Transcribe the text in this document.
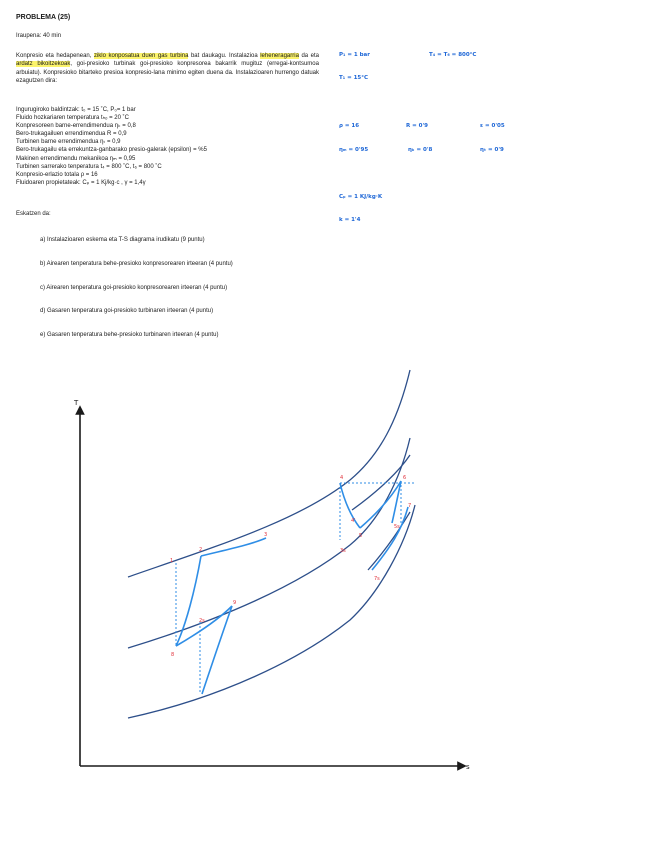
PROBLEMA (25)
Iraupena: 40 min
Konpresio eta hedapenean, ziklo konposatua duen gas turbina bat daukagu. Instalazioa leheneragarria da eta ardatz bikoitzekoak, goi-presioko turbinak goi-presioko konpresorea bakarrik mugituz (erregai-kontsumoa arbuiatu). Konpresioko bitarteko presioa konpresio-lana minimo egiten duena da. Instalazioaren hurrengo datuak ezagutzen dira:
Ingurugiroko baldintzak: t₀ = 15 ˚C, P₀= 1 bar
Fluido hozkariaren temperatura tₕₒ = 20 ˚C
Konpresoreen barne-errendimendua ηₖ = 0,8
Bero-trukagailuen errendimendua R = 0,9
Turbinen barne errendimendua ηₜ = 0,9
Bero-trukagailu eta errekuntza-ganbarako presio-galerak (epsilon) = %5
Makinen errendimendu mekanikoa ηₘ = 0,95
Turbinen sarrerako tenperatura t₄ = 800 ˚C, t₆ = 800 ˚C
Konpresio-erlazio totala ρ = 16
Fluidoaren propietateak: Cₚ = 1 Kj/kg·c , γ = 1,4γ
Eskatzen da:
a) Instalazioaren eskema eta T-S diagrama irudikatu (9 puntu)
b) Airearen tenperatura behe-presioko konpresorearen irteeran (4 puntu)
c) Airearen tenperatura goi-presioko konpresorearen irteeran (4 puntu)
d) Gasaren tenperatura goi-presioko turbinaren irteeran (4 puntu)
e) Gasaren tenperatura behe-presioko turbinaren irteeran (4 puntu)
P₁ = 1 bar	T₄ = T₆ = 800°C
T₁ = 15°C
ρ = 16	R = 0'9	ε = 0'05
ηₘ = 0'95	ηₖ = 0'8	ηₜ = 0'9
Cₚ = 1 KJ/kg·K
k = 1'4
T
s
1
2
2s
3
3s
4
4'
5
5s
6
7
7s
8
9
